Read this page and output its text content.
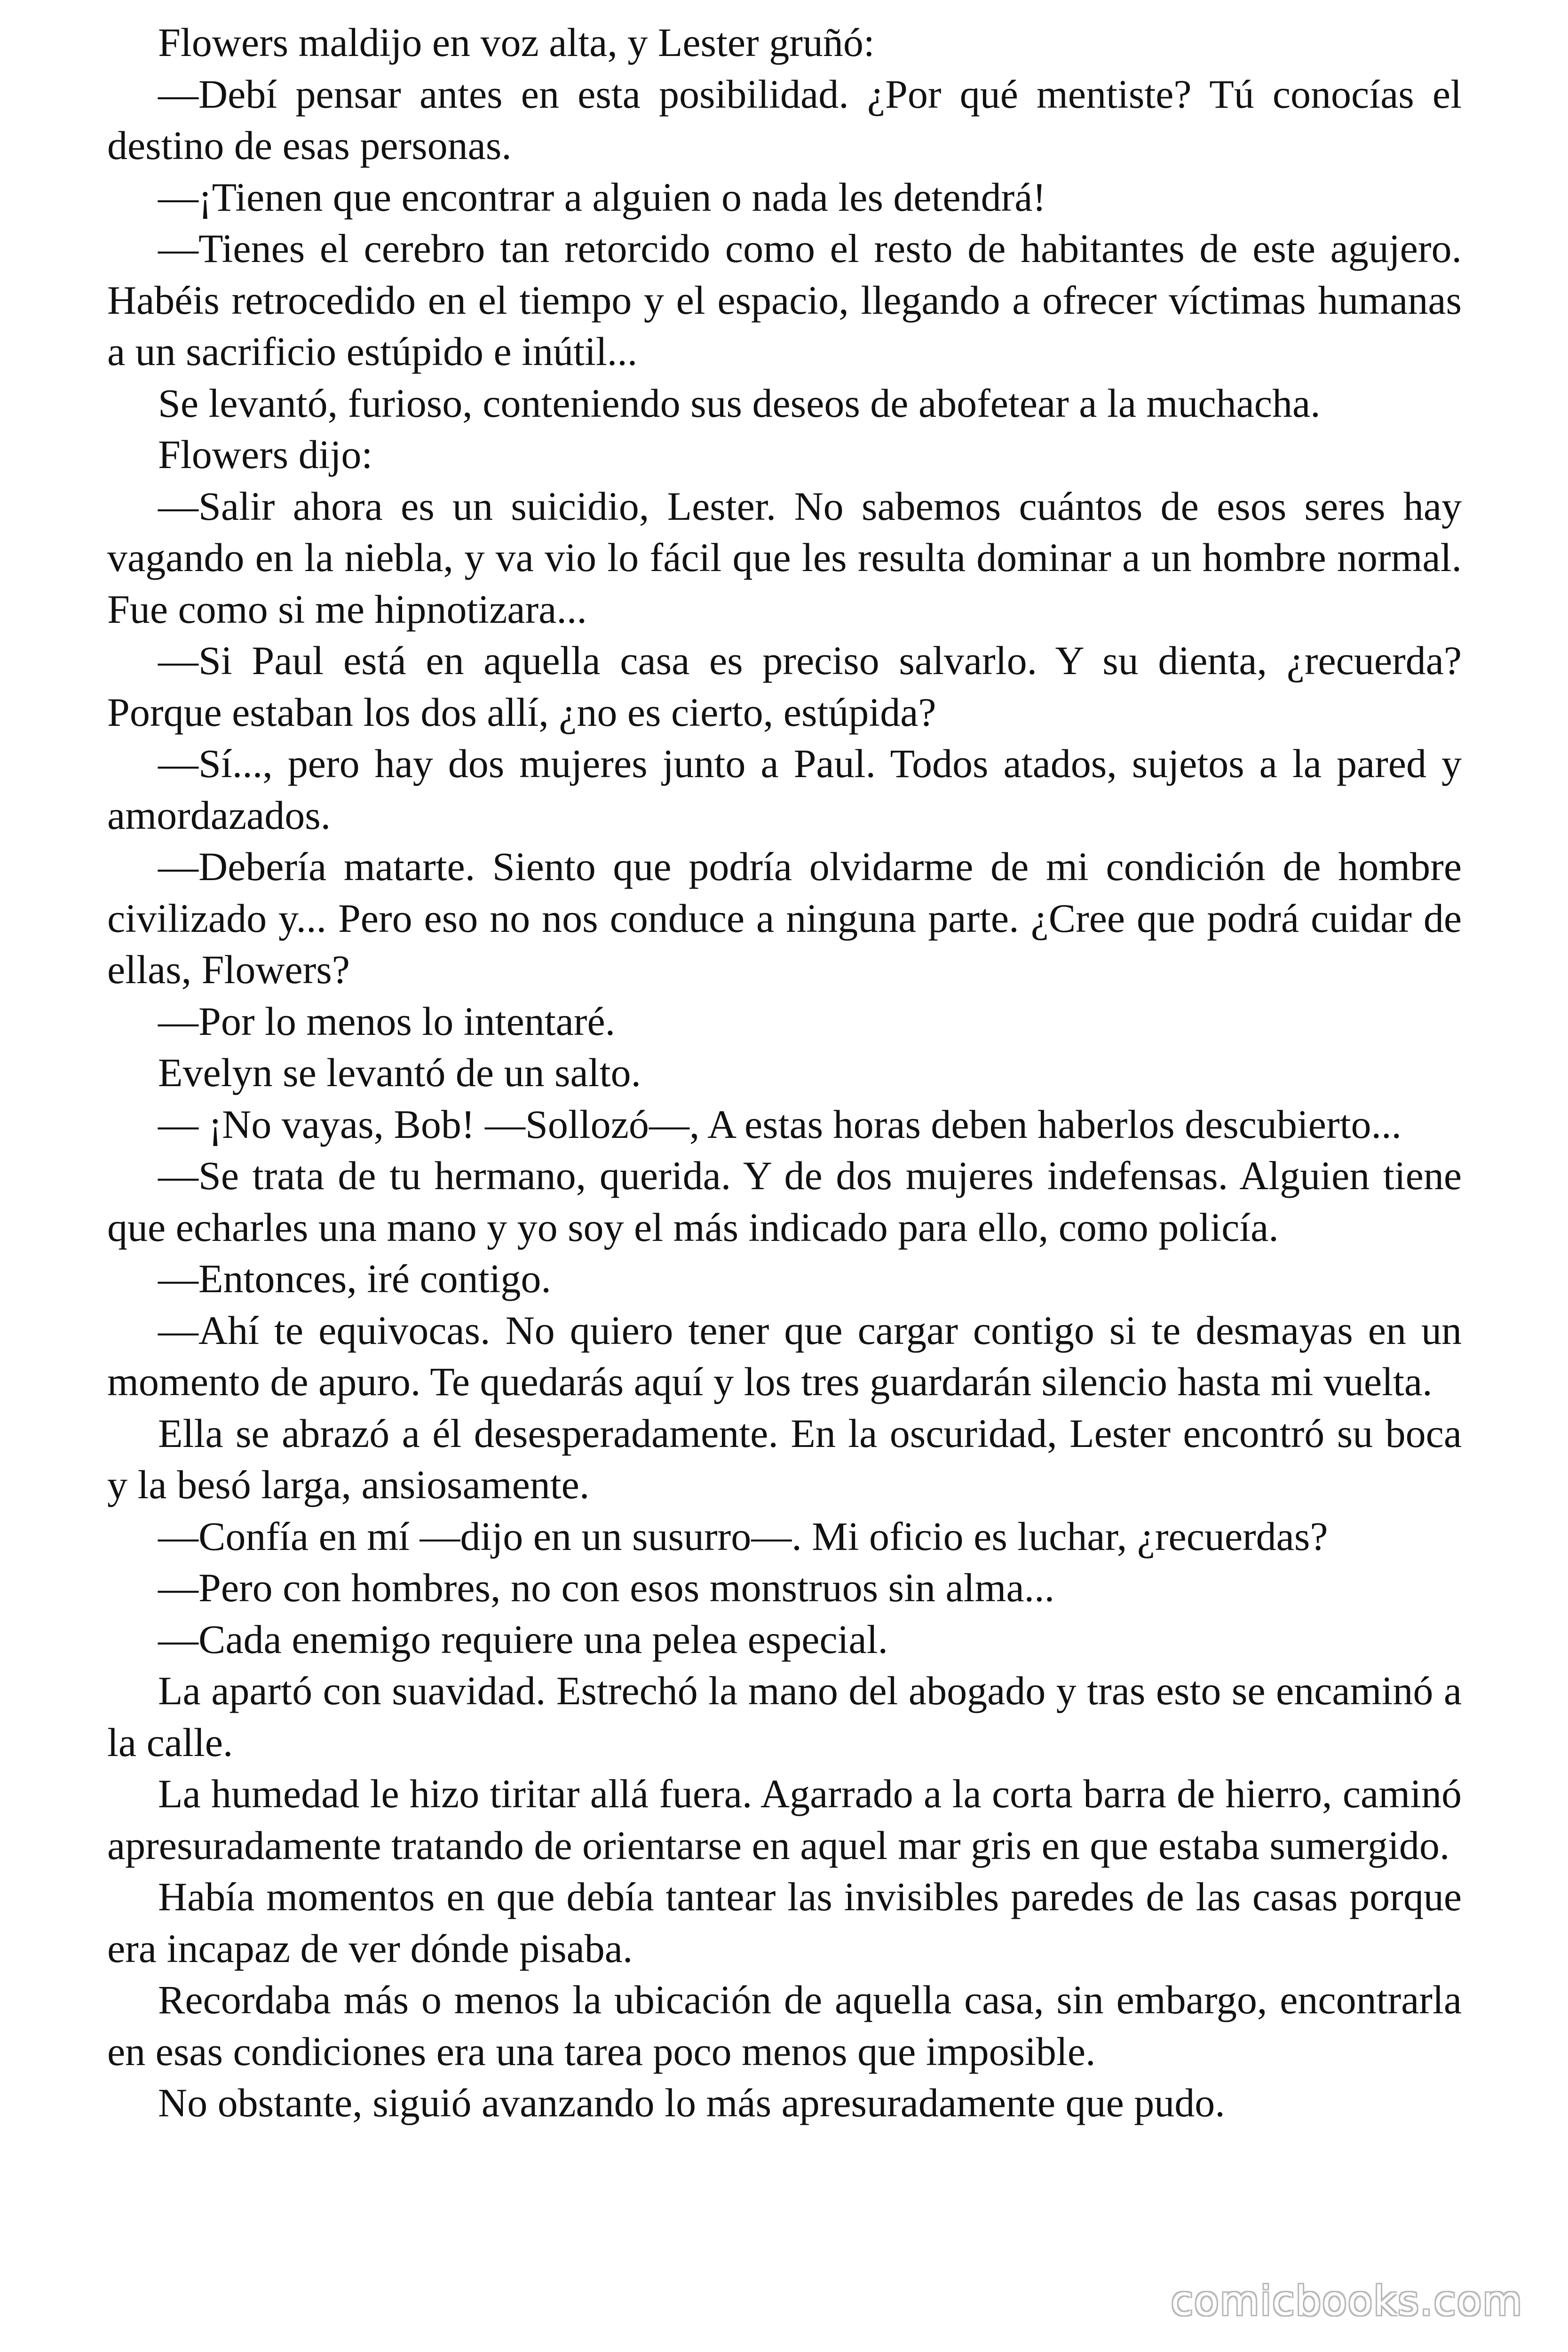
Flowers maldijo en voz alta, y Lester gruñó:

—Debí pensar antes en esta posibilidad. ¿Por qué mentiste? Tú conocías el destino de esas personas.

—¡Tienen que encontrar a alguien o nada les detendrá!

—Tienes el cerebro tan retorcido como el resto de habitantes de este agujero. Habéis retrocedido en el tiempo y el espacio, llegando a ofrecer víctimas humanas a un sacrificio estúpido e inútil...

Se levantó, furioso, conteniendo sus deseos de abofetear a la muchacha.

Flowers dijo:

—Salir ahora es un suicidio, Lester. No sabemos cuántos de esos seres hay vagando en la niebla, y va vio lo fácil que les resulta dominar a un hombre normal. Fue como si me hipnotizara...

—Si Paul está en aquella casa es preciso salvarlo. Y su dienta, ¿recuerda? Porque estaban los dos allí, ¿no es cierto, estúpida?

—Sí..., pero hay dos mujeres junto a Paul. Todos atados, sujetos a la pared y amordazados.

—Debería matarte. Siento que podría olvidarme de mi condición de hombre civilizado y... Pero eso no nos conduce a ninguna parte. ¿Cree que podrá cuidar de ellas, Flowers?

—Por lo menos lo intentaré.

Evelyn se levantó de un salto.

— ¡No vayas, Bob! —Sollozó—, A estas horas deben haberlos descubierto...

—Se trata de tu hermano, querida. Y de dos mujeres indefensas. Alguien tiene que echarles una mano y yo soy el más indicado para ello, como policía.

—Entonces, iré contigo.

—Ahí te equivocas. No quiero tener que cargar contigo si te desmayas en un momento de apuro. Te quedarás aquí y los tres guardarán silencio hasta mi vuelta.

Ella se abrazó a él desesperadamente. En la oscuridad, Lester encontró su boca y la besó larga, ansiosamente.

—Confía en mí —dijo en un susurro—. Mi oficio es luchar, ¿recuerdas?

—Pero con hombres, no con esos monstruos sin alma...

—Cada enemigo requiere una pelea especial.

La apartó con suavidad. Estrechó la mano del abogado y tras esto se encaminó a la calle.

La humedad le hizo tiritar allá fuera. Agarrado a la corta barra de hierro, caminó apresuradamente tratando de orientarse en aquel mar gris en que estaba sumergido.

Había momentos en que debía tantear las invisibles paredes de las casas porque era incapaz de ver dónde pisaba.

Recordaba más o menos la ubicación de aquella casa, sin embargo, encontrarla en esas condiciones era una tarea poco menos que imposible.

No obstante, siguió avanzando lo más apresuradamente que pudo.

comicbooks.com
